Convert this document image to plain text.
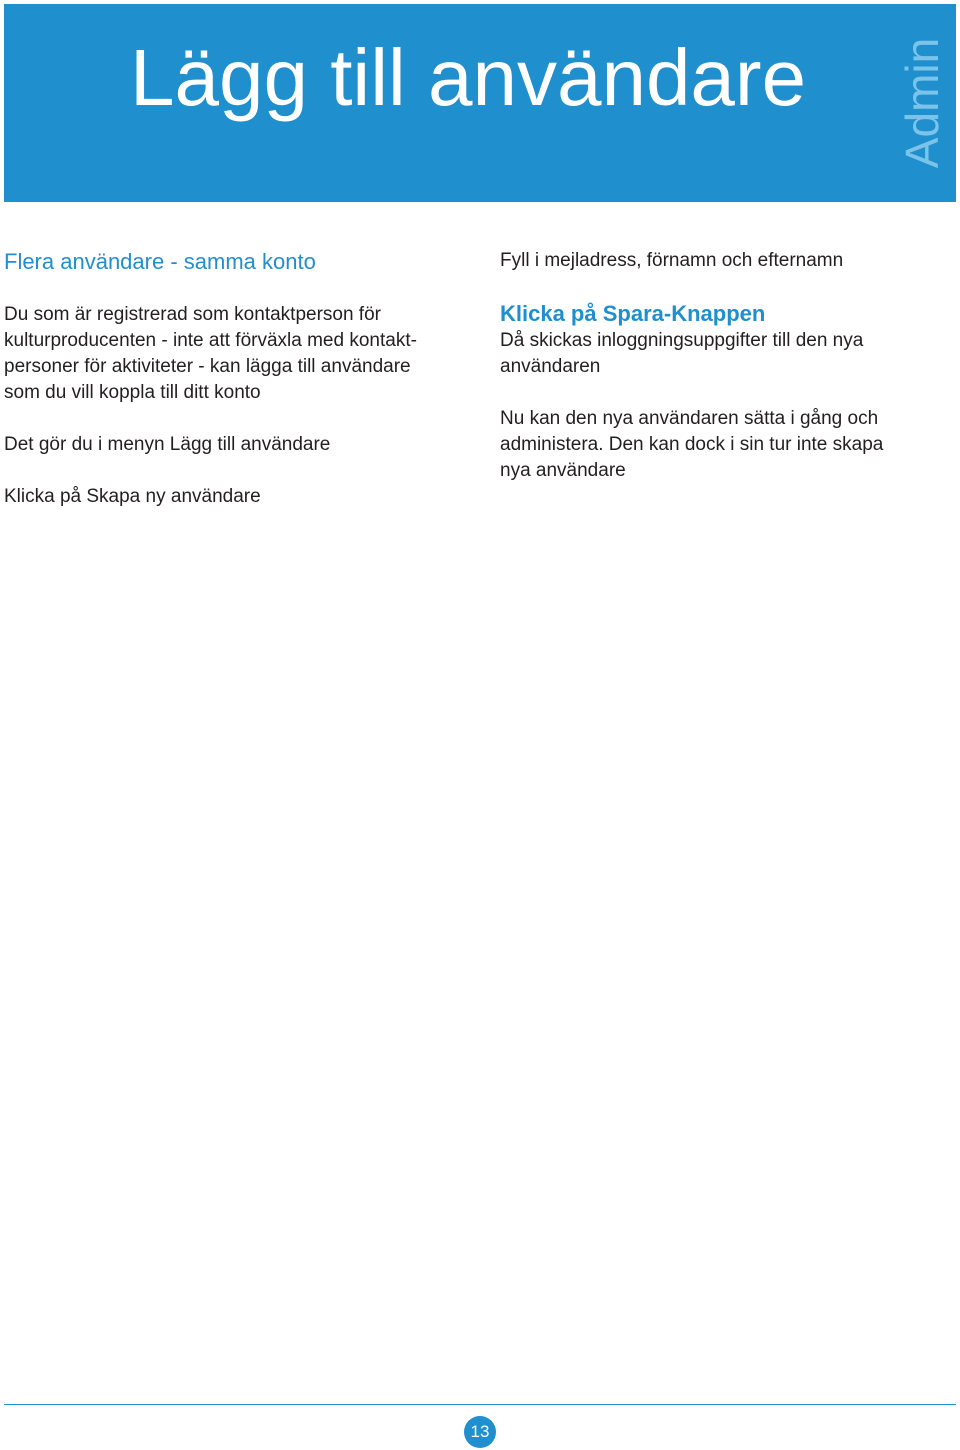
Lägg till användare Admin
Flera användare - samma konto

Du som är registrerad som kontaktperson för
kulturproducenten - inte att förväxla med kontakt-
personer för aktiviteter - kan lägga till användare
som du vill koppla till ditt konto

Det gör du i menyn Lägg till användare

Klicka på Skapa ny användare

Fyll i mejladress, förnamn och efternamn

Klicka på Spara-Knappen

Då skickas inloggningsuppgifter till den nya
användaren

Nu kan den nya användaren sätta i gång och
administera. Den kan dock i sin tur inte skapa
nya användare

13
